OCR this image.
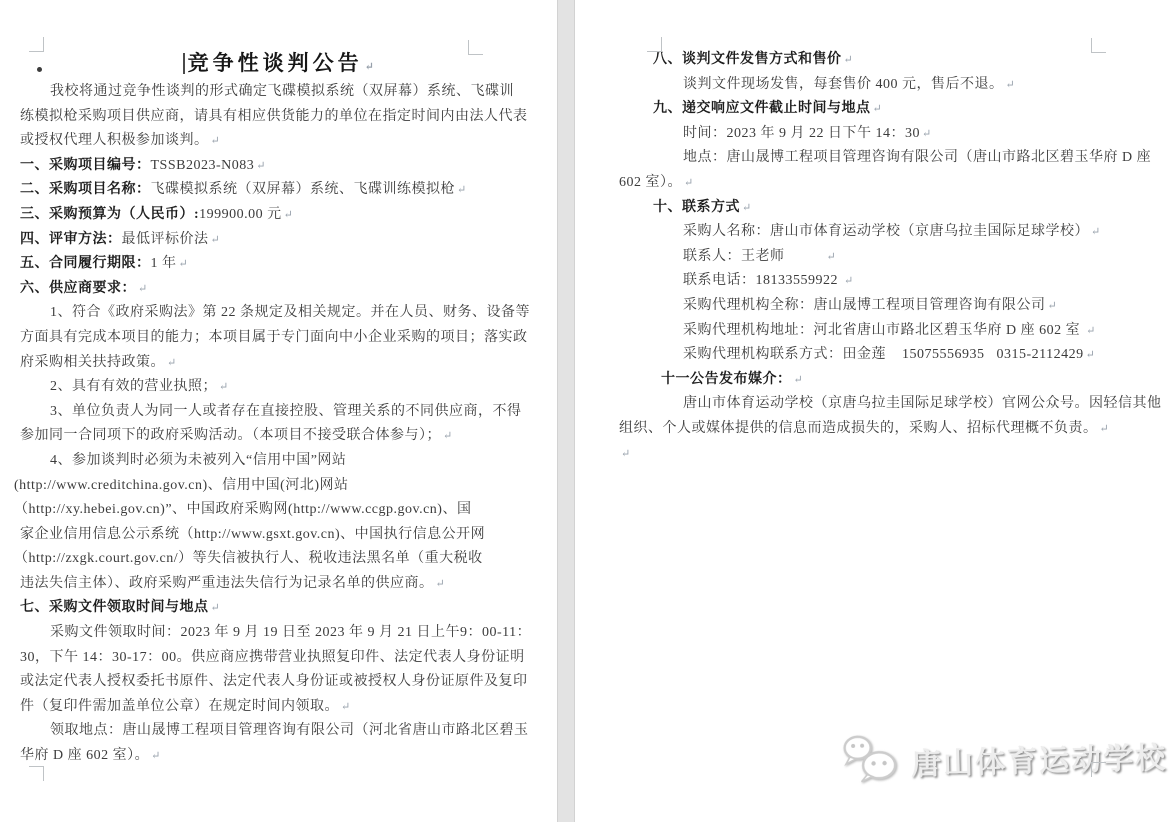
竞争性谈判公告 ↵
我校将通过竞争性谈判的形式确定飞碟模拟系统（双屏幕）系统、飞碟训
练模拟枪采购项目供应商，请具有相应供货能力的单位在指定时间内由法人代表
或授权代理人积极参加谈判。 ↵
一、采购项目编号：TSSB2023-N083 ↵
二、采购项目名称：飞碟模拟系统（双屏幕）系统、飞碟训练模拟枪 ↵
三、采购预算为（人民币）:199900.00 元 ↵
四、评审方法：最低评标价法 ↵
五、合同履行期限：1 年 ↵
六、供应商要求： ↵
1、符合《政府采购法》第 22 条规定及相关规定。并在人员、财务、设备等
方面具有完成本项目的能力；本项目属于专门面向中小企业采购的项目；落实政
府采购相关扶持政策。 ↵
2、具有有效的营业执照； ↵
3、单位负责人为同一人或者存在直接控股、管理关系的不同供应商，不得
参加同一合同项下的政府采购活动。（本项目不接受联合体参与）； ↵
4、参加谈判时必须为未被列入“信用中国”网站
(http://www.creditchina.gov.cn)、信用中国(河北)网站
（http://xy.hebei.gov.cn)”、中国政府采购网(http://www.ccgp.gov.cn)、国
家企业信用信息公示系统（http://www.gsxt.gov.cn)、中国执行信息公开网
（http://zxgk.court.gov.cn/）等失信被执行人、税收违法黑名单（重大税收
违法失信主体）、政府采购严重违法失信行为记录名单的供应商。 ↵
七、采购文件领取时间与地点 ↵
采购文件领取时间：2023 年 9 月 19 日至 2023 年 9 月 21 日上午9：00-11：
30，下午 14：30-17：00。供应商应携带营业执照复印件、法定代表人身份证明
或法定代表人授权委托书原件、法定代表人身份证或被授权人身份证原件及复印
件（复印件需加盖单位公章）在规定时间内领取。 ↵
领取地点：唐山晟博工程项目管理咨询有限公司（河北省唐山市路北区碧玉
华府 D 座 602 室）。 ↵
八、谈判文件发售方式和售价 ↵
谈判文件现场发售，每套售价 400 元，售后不退。 ↵
九、递交响应文件截止时间与地点 ↵
时间：2023 年 9 月 22 日下午 14：30 ↵
地点：唐山晟博工程项目管理咨询有限公司（唐山市路北区碧玉华府 D 座
602 室）。 ↵
十、联系方式 ↵
采购人名称：唐山市体育运动学校（京唐乌拉圭国际足球学校） ↵
联系人：王老师          ↵
联系电话：18133559922 ↵
采购代理机构全称：唐山晟博工程项目管理咨询有限公司 ↵
采购代理机构地址：河北省唐山市路北区碧玉华府 D 座 602 室 ↵
采购代理机构联系方式：田金莲    15075556935   0315-2112429 ↵
十一公告发布媒介： ↵
唐山市体育运动学校（京唐乌拉圭国际足球学校）官网公众号。因轻信其他
组织、个人或媒体提供的信息而造成损失的，采购人、招标代理概不负责。 ↵
↵
唐山体育运动学校
